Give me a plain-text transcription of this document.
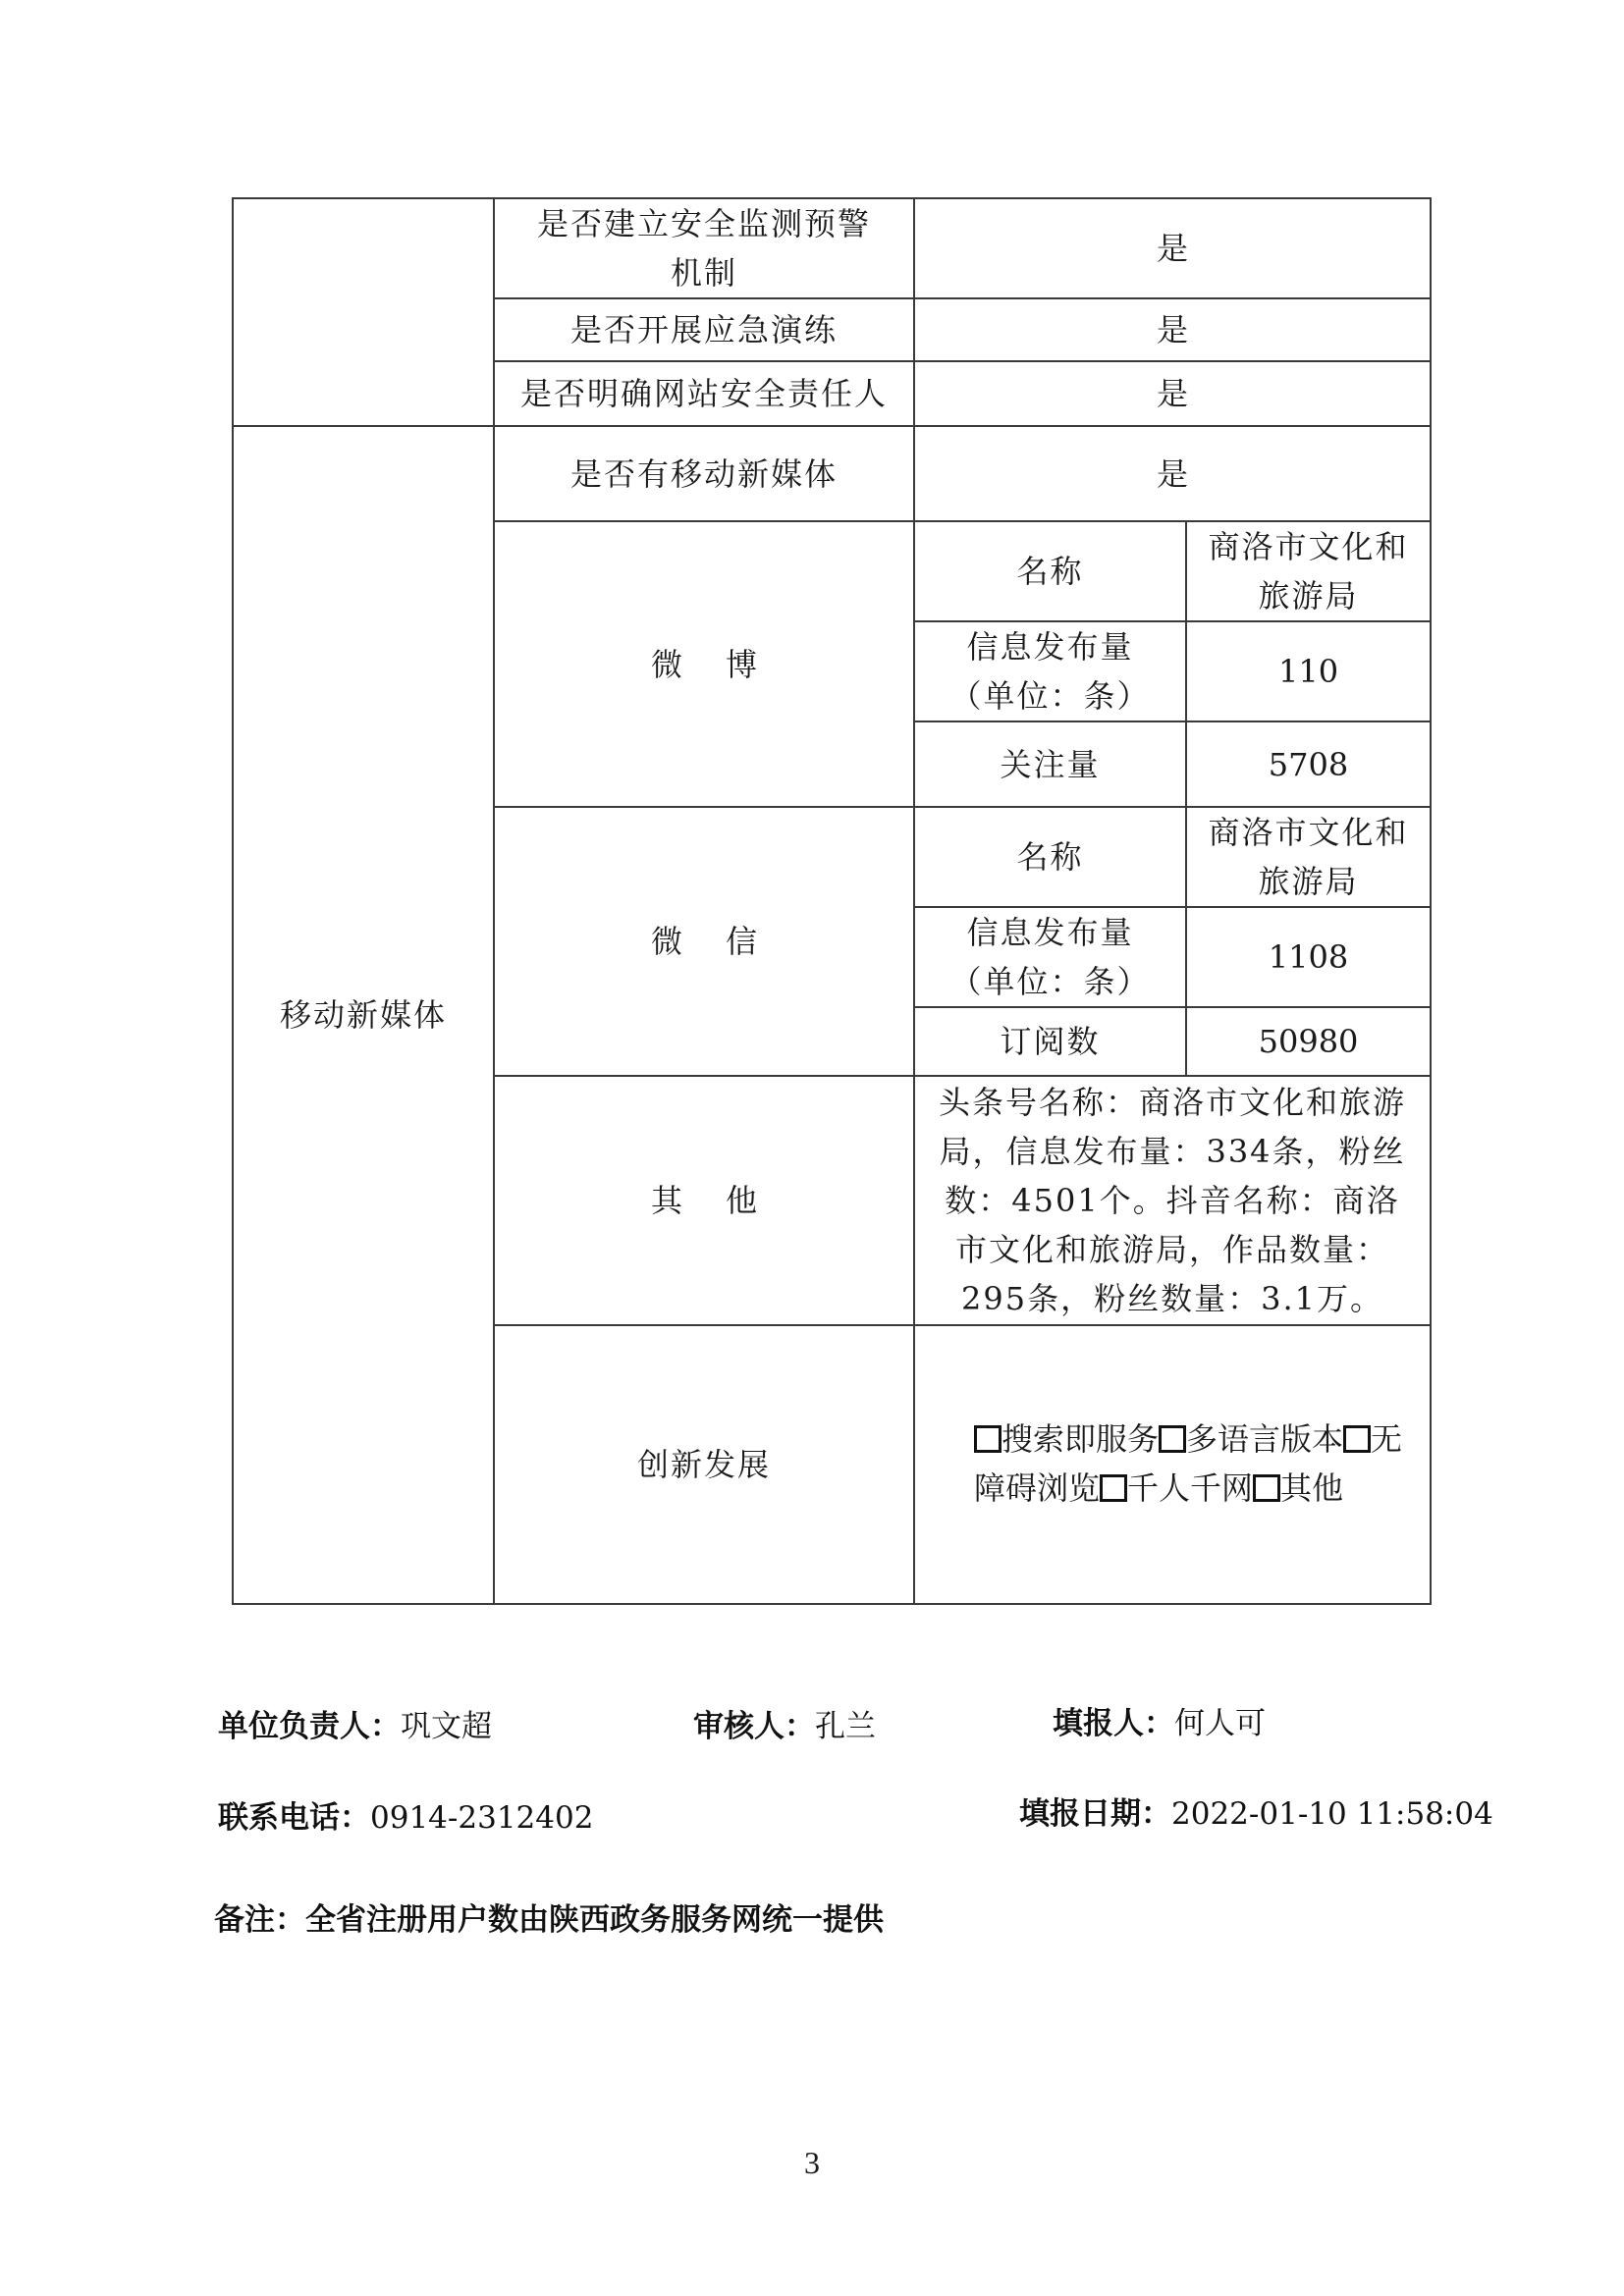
	是否建立安全监测预警机制	是	
	是否开展应急演练	是	
	是否明确网站安全责任人	是	
移动新媒体	是否有移动新媒体	是	
	微 博	名称	商洛市文化和旅游局
		信息发布量（单位：条）	110
		关注量	5708
	微 信	名称	商洛市文化和旅游局
		信息发布量（单位：条）	1108
		订阅数	50980
	其 他	头条号名称：商洛市文化和旅游局，信息发布量：334条，粉丝数：4501个。抖音名称：商洛市文化和旅游局，作品数量：295条，粉丝数量：3.1万。	
	创新发展	搜索即服务 多语言版本 无障碍浏览 千人千网 其他	
单位负责人：巩文超	审核人：孔兰	填报人：何人可
联系电话：0914-2312402	填报日期：2022-01-10 11:58:04
备注：全省注册用户数由陕西政务服务网统一提供
3
